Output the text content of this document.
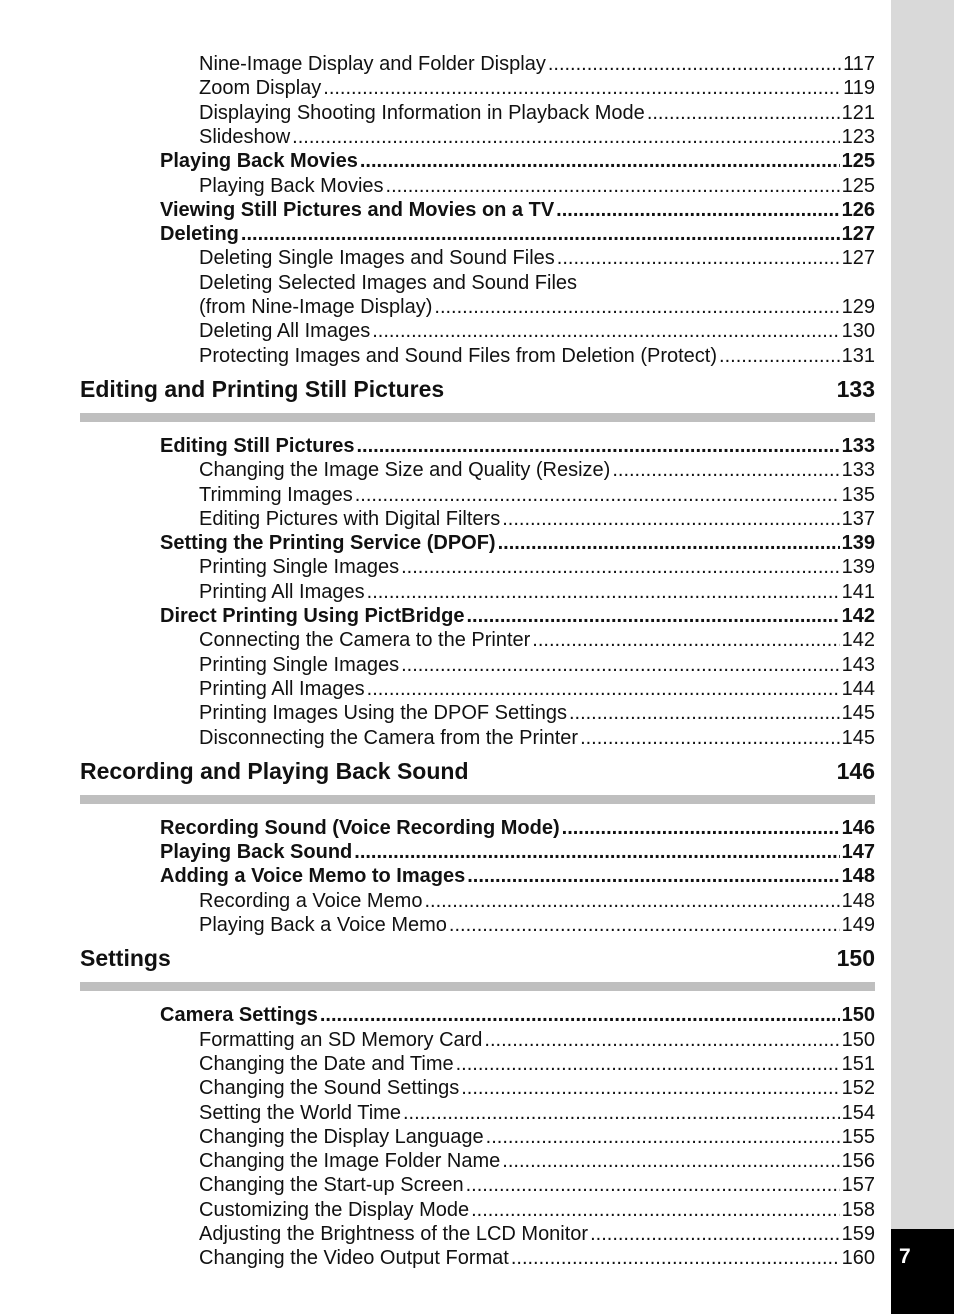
7
Nine-Image Display and Folder Display .....	117
Zoom Display .....	119
Displaying Shooting Information in Playback Mode .....	121
Slideshow .....	123
Playing Back Movies .....	125
Playing Back Movies .....	125
Viewing Still Pictures and Movies on a TV .....	126
Deleting .....	127
Deleting Single Images and Sound Files .....	127
Deleting Selected Images and Sound Files
(from Nine-Image Display) .....	129
Deleting All Images .....	130
Protecting Images and Sound Files from Deletion (Protect) .....	131
Editing and Printing Still Pictures	133
Editing Still Pictures .....	133
Changing the Image Size and Quality (Resize) .....	133
Trimming Images .....	135
Editing Pictures with Digital Filters .....	137
Setting the Printing Service (DPOF) .....	139
Printing Single Images .....	139
Printing All Images .....	141
Direct Printing Using PictBridge .....	142
Connecting the Camera to the Printer .....	142
Printing Single Images .....	143
Printing All Images .....	144
Printing Images Using the DPOF Settings .....	145
Disconnecting the Camera from the Printer .....	145
Recording and Playing Back Sound	146
Recording Sound (Voice Recording Mode) .....	146
Playing Back Sound .....	147
Adding a Voice Memo to Images .....	148
Recording a Voice Memo .....	148
Playing Back a Voice Memo .....	149
Settings	150
Camera Settings .....	150
Formatting an SD Memory Card .....	150
Changing the Date and Time .....	151
Changing the Sound Settings .....	152
Setting the World Time .....	154
Changing the Display Language .....	155
Changing the Image Folder Name .....	156
Changing the Start-up Screen .....	157
Customizing the Display Mode .....	158
Adjusting the Brightness of the LCD Monitor .....	159
Changing the Video Output Format .....	160
